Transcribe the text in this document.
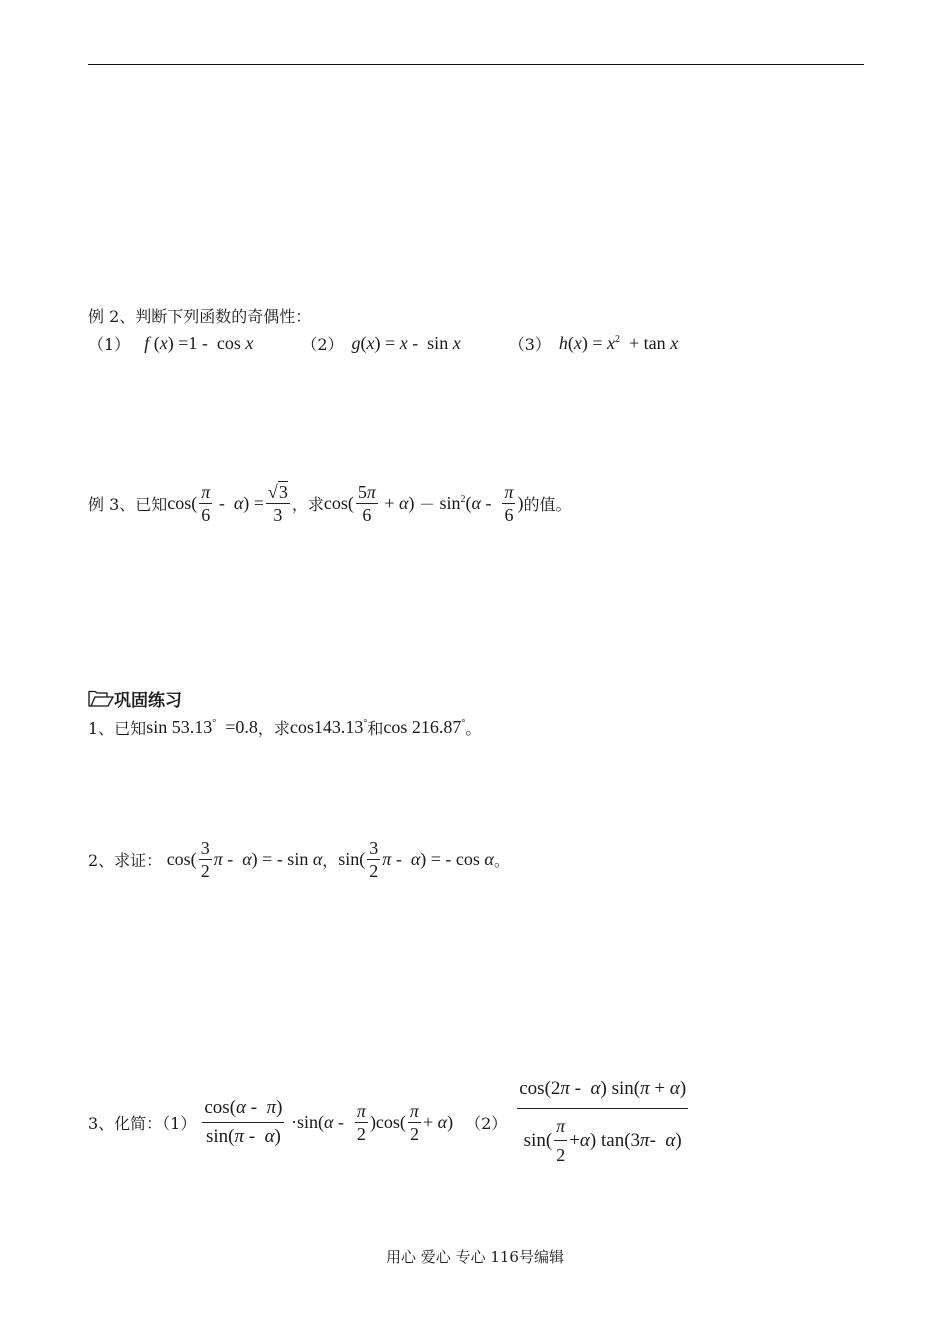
例 2、判断下列函数的奇偶性：
（1） f (x) =1 -  cos x	（2） g(x) = x -  sin x	（3） $h(x) = x^2 + \tan x$
例 3、已知 $\cos( \frac{\pi}{6} - \alpha) = \frac{√3}{3}$ ，求 $\cos( \frac{5\pi}{6} + \alpha) - \sin^2(\alpha - \frac{\pi}{6}$ ) 的值。
巩固练习
1、已知 sin 53.13°  =0.8 ，求 cos143.13° 和 cos 216.87° 。
2、求证： $\cos( \frac{3}{2}$ π -  α) = - sin α ， $\sin( \frac{3}{2}$ π -  α) = - cos α 。
3、化简：$(1) \frac{\cos(\alpha - \pi)}{\sin(\pi - \alpha)} \cdot\sin(\alpha - \frac{\pi}{2} )\cos( \frac{\pi}{2} + \alpha)$ $(2) \frac{\cos(2\pi - \alpha) \sin(\pi + \alpha)}{\sin( \frac{\pi}{2} + \alpha ) \tan(3 \pi - \alpha )}$
用心 爱心 专心 116号编辑
